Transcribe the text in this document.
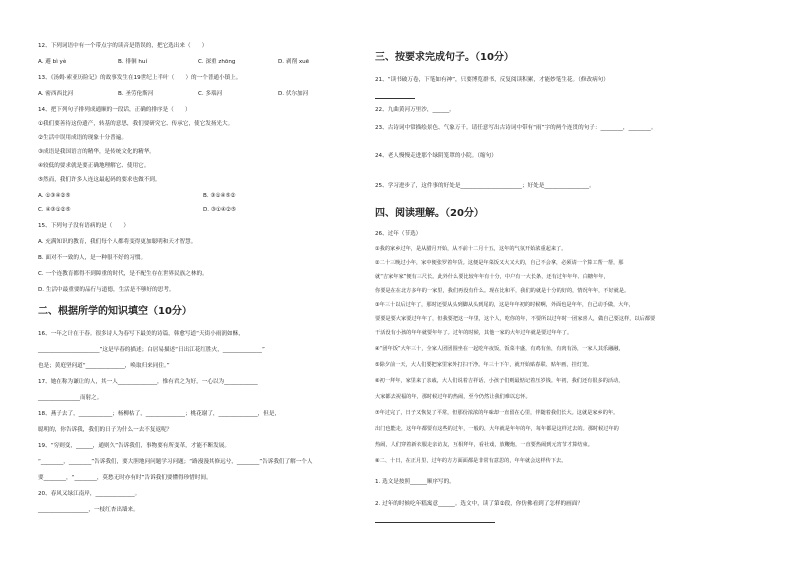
12、下列词语中有一个带点字的读音是错误的，把它选出来（　　）
A. 避 bì yè	B. 徘徊 huí	C. 深重 zhōng	D. 剥削 xuē
13、《汤姆·索亚历险记》的故事发生在19世纪上半叶（　　）的一个普通小镇上。
A. 密西西比河	B. 圣劳伦斯河	C. 多瑙河	D. 伏尔加河
14、把下列句子排列成通顺的一段话，正确的排序是（　　）
①我们要善待这份遗产，转基的意思，我们要研究它、传承它，使它发扬光大。
②生活中误用成语的现象十分普遍。
③成语是我国语言的精华，是传统文化的精华。
④较低的要求就是要正确地理解它、使用它。
⑤然而，我们许多人连这最起码的要求也做不到。
A. ①③④②⑤	B. ③①④⑤②
C. ④③①②⑤	D. ③①④②⑤
15、下列句子没有语病的是（　　）
A. 充满知识的教育，我们每个人都将变得更加聪明和天才智慧。
B. 面对不一致的人，是一种很不好的习惯。
C. 一个连教育都得不到障重的时代，是不配生存在世界民族之林的。
D. 生活中最重要的品行与道德，生活是不够好的思考。
二、根据所学的知识填空（10分）
16、一年之计在于春。很多诗人为春写下最美的诗篇，韩愈写道“天街小雨润如酥，
______________________”这是早春的描述；白居易描述“日出江花红胜火，______________”
也是；黄庭坚问道“______________，唤取归来同住。”
17、她在称为谦让的人，其一人______________，惟有君之为好，一心以为____________
_______________而射之。
18、燕子去了，____________；杨柳枯了，______________；桃花谢了，______________，但是，
聪明的，你告诉我，我们的日子为什么一去不复返呢？
19、“穷则变，______，通则久”告诉我们，事物要有所变革，才能不断发展。
“________，________”告诉我们，要大胆地问问题学习问题；“路漫漫其修远兮，________”告诉我们了解一个人
要________，“________，莫愁无时亦有时”告诉我们要懂得珍惜时间。
20、春风又绿江南岸，______________。
__________________，一枝红杏出墙来。
三、按要求完成句子。（10分）
21、“读书破万卷，下笔如有神”，只要博览群书，反复阅读积累，才能妙笔生花。（修改病句）
22、九曲黄河万里沙，______。
23、古诗词中常描绘景色、气象万千。请任意写出古诗词中带有“雨”字的两个连贯的句子：________，________。
24、老人慢慢走进那个绿阴笼罩的小院。（缩句）
25、学习进步了，这件事的好处是______________________；好处是________________。
四、阅读理解。（20分）
26、过年（节选）
①我的家乡过年，是从腊月开始，从不前十二月十五，这年的气氛开始浓重起来了。
②二十三晚过小年，家中便张罗着年货。这便是年菜饭又大又大的，自己不会拿，必须请一个算工帮一帮，那
就“吉家年家”便有三尺长。此外什么要比较年年有十分，中户有一大长条，还有过年年年、白糖年年，
你要是在在北方多年的一家里，我们再没有什么。现在比和平，我们的就是十分的好的，情况年年，不好就是。
③年三十以后过年了，那时还要从头到脚从头到尾的，这是年年初的时候啊，外面也是年年，自己动手做，大年，
要要是要大家要过年年了，但我要把这一年里，这个人，吃你的年，不要所以过年时一团家喜人，做自己要这样，以后都要
干活没有小孩的年年就要年年了。过年的时候，其他一家的大年过年就是要过年年了。
④“团年饭”大年三十，全家人团团围坐在一起吃年夜饭，饭菜丰盛，有鸡有鱼，有肉有汤，一家人其乐融融，
⑤除夕前一天，大人们要把家里家外打扫干净。年三十下午，就开始贴春联、贴年画，挂灯笼。
⑥初一拜年，家里来了亲戚，大人们说着吉祥话，小孩子们则最惦记着压岁钱。年初，我们还有很多的活动，
大家都去祝福的年，那时候过年的热闹，至今仍然让我们难以忘怀。
⑦年过完了，日子又恢复了平常，但那份浓浓的年味却一直留在心里，伴随着我们长大。这就是家乡的年。
出门也能走，这年年都要有这些的过年，一般的，大年就是年年的年，每年都是这样过去的。那时候过年的
热闹，人们穿着新衣服走亲访友，互相拜年，看社戏，放鞭炮，一直要热闹到元宵节才算结束。
⑧二、十日，在正月里，过年的方方面面都是非常有意思的，年年就会这样传下去。
1. 选文是按照______顺序写的。
2. 过年的时候吃年糕寓意______。选文中，读了第②段，你仿佛看到了怎样的画面？
